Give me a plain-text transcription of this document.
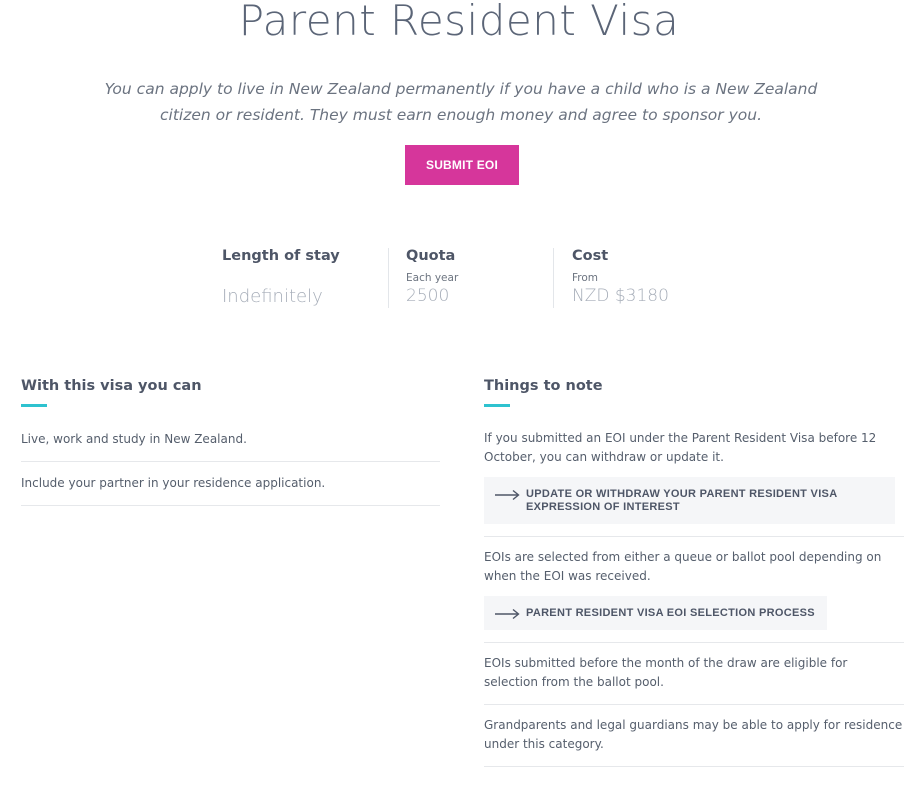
Parent Resident Visa

You can apply to live in New Zealand permanently if you have a child who is a New Zealand citizen or resident. They must earn enough money and agree to sponsor you.

SUBMIT EOI
Length of stay
Indefinitely
Quota
Each year
2500
Cost
From
NZD $3180
With this visa you can
Live, work and study in New Zealand.
Include your partner in your residence application.
Things to note

If you submitted an EOI under the Parent Resident Visa before 12 October, you can withdraw or update it.

UPDATE OR WITHDRAW YOUR PARENT RESIDENT VISA EXPRESSION OF INTEREST

EOIs are selected from either a queue or ballot pool depending on when the EOI was received.

PARENT RESIDENT VISA EOI SELECTION PROCESS

EOIs submitted before the month of the draw are eligible for selection from the ballot pool.

Grandparents and legal guardians may be able to apply for residence under this category.
